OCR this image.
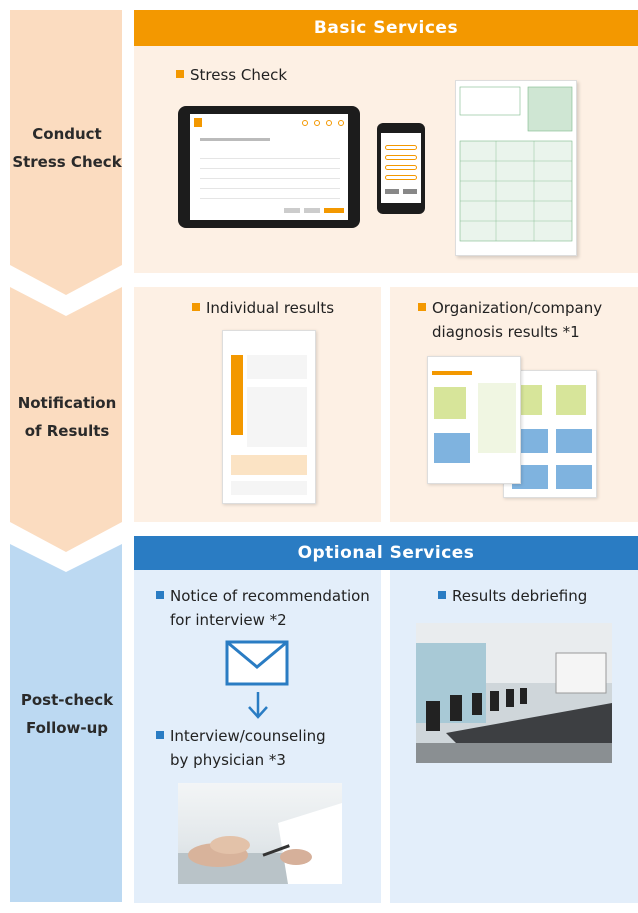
Conduct
Stress Check
Notification
of Results
Post-check
Follow-up
Basic Services
Stress Check
Individual results	Organization/company
diagnosis results *1
Optional Services
Notice of recommendation
for interview *2
Interview/counseling
by physician *3
Results debriefing
